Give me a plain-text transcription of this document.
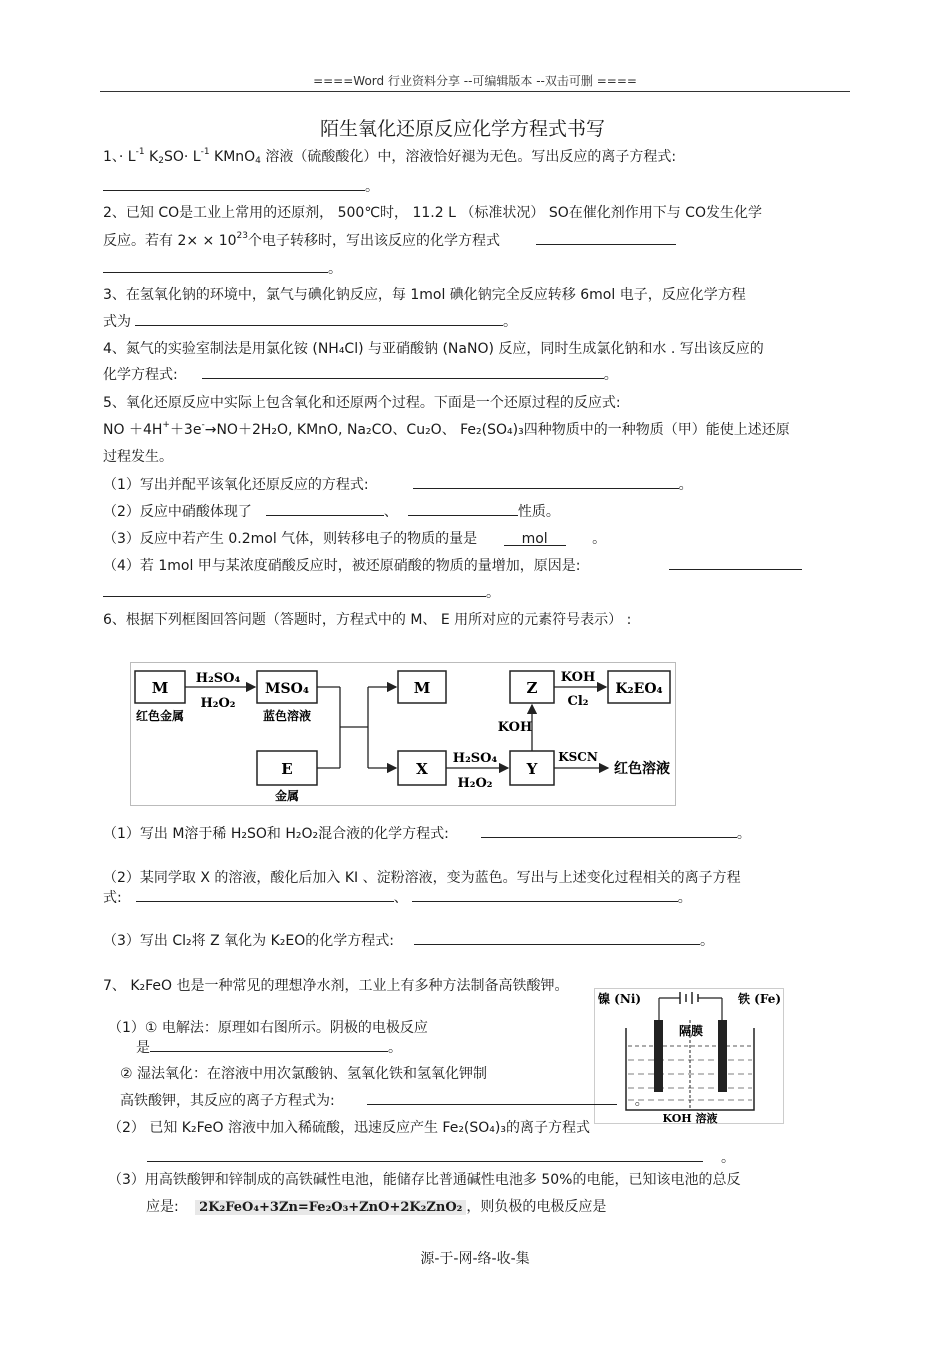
====Word 行业资料分享 --可编辑版本 --双击可删 ====
陌生氧化还原反应化学方程式书写
1、· $L^{-1}$ $K_2SO\cdot L^{-1}$ KMnO$_4$ 溶液（硫酸酸化）中，溶液恰好褪为无色。写出反应的离子方程式:
。
2、已知 CO是工业上常用的还原剂， 500℃时， 11.2 L （标准状况） SO在催化剂作用下与 CO发生化学
反应。若有 $2\times \times 10^{23}$个电子转移时，写出该反应的化学方程式
。
3、在氢氧化钠的环境中，氯气与碘化钠反应，每 1mol 碘化钠完全反应转移 6mol 电子，反应化学方程
式为	。
4、氮气的实验室制法是用氯化铵 (NH₄Cl) 与亚硝酸钠 (NaNO) 反应，同时生成氯化钠和水 . 写出该反应的
化学方程式:	。
5、氧化还原反应中实际上包含氧化和还原两个过程。下面是一个还原过程的反应式:
NO ＋4H+＋3e-→NO＋2H₂O, KMnO, Na₂CO、Cu₂O、 Fe₂(SO₄)₃四种物质中的一种物质（甲）能使上述还原
过程发生。
（1）写出并配平该氧化还原反应的方程式:	。
（2）反应中硝酸体现了	、	性质。
（3）反应中若产生 0.2mol 气体，则转移电子的物质的量是	mol	。
（4）若 1mol 甲与某浓度硝酸反应时，被还原硝酸的物质的量增加，原因是:
。
6、根据下列框图回答问题（答题时，方程式中的 M、 E 用所对应的元素符号表示） :
M
红色金属
H₂SO₄
H₂O₂
MSO₄
蓝色溶液
E
金属
M
X
H₂SO₄
H₂O₂
Y
KSCN
红色溶液
KOH
Z
KOH
Cl₂
K₂EO₄
（1）写出 M溶于稀 H₂SO和 H₂O₂混合液的化学方程式:	。
（2）某同学取 X 的溶液，酸化后加入 KI 、淀粉溶液，变为蓝色。写出与上述变化过程相关的离子方程
式:	、	。
（3）写出 Cl₂将 Z 氧化为 K₂EO的化学方程式:	。
7、 K₂FeO 也是一种常见的理想净水剂，工业上有多种方法制备高铁酸钾。
镍 (Ni)	铁 (Fe)
隔膜
KOH 溶液
（1）① 电解法：原理如右图所示。阴极的电极反应
是	。
② 湿法氧化：在溶液中用次氯酸钠、氢氧化铁和氢氧化钾制
高铁酸钾，其反应的离子方程式为:	。
（2） 已知 K₂FeO 溶液中加入稀硫酸，迅速反应产生 Fe₂(SO₄)₃的离子方程式
。
（3）用高铁酸钾和锌制成的高铁碱性电池，能储存比普通碱性电池多 50%的电能，已知该电池的总反
应是: 2K₂FeO₄+3Zn=Fe₂O₃+ZnO+2K₂ZnO₂ ，则负极的电极反应是
源-于-网-络-收-集
